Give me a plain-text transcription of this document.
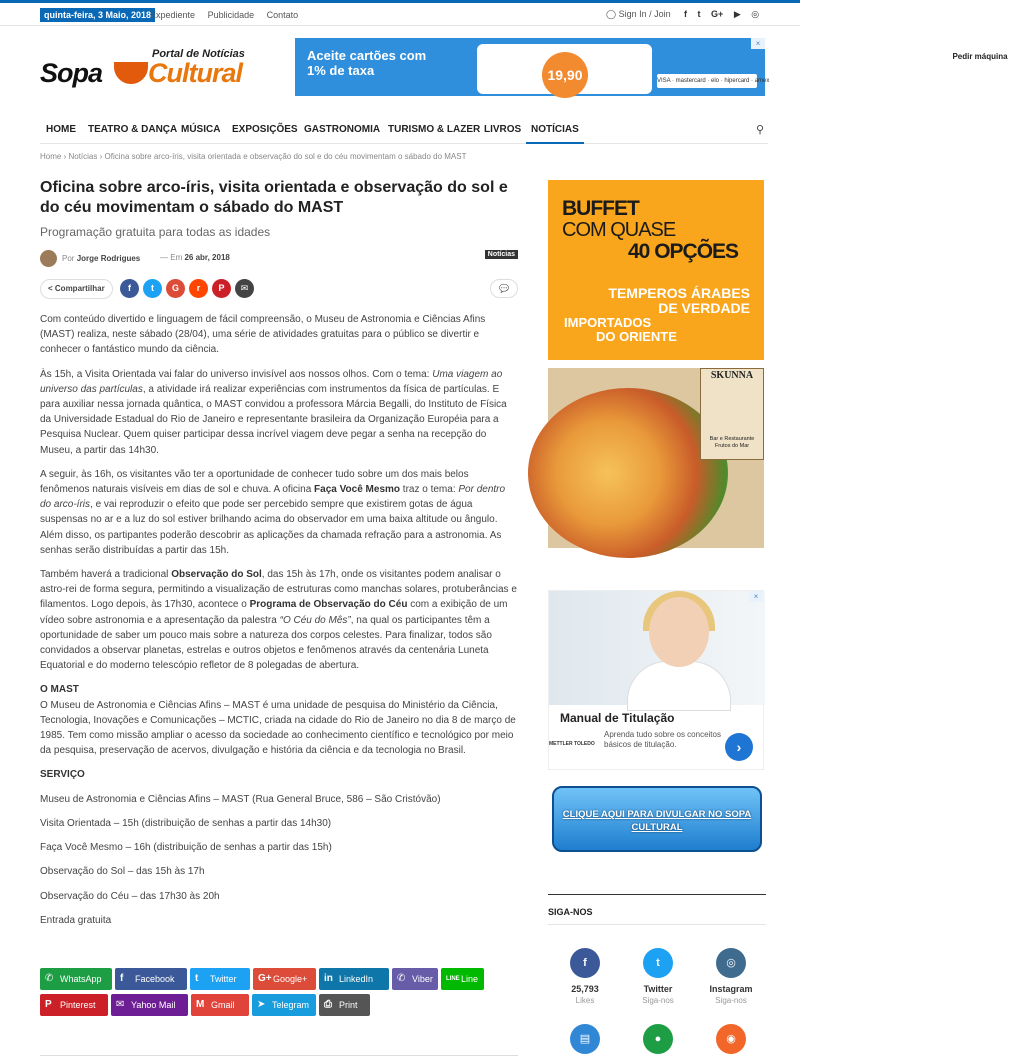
quinta-feira, 3 Maio, 2018
Expediente Publicidade Contato	◯ Sign In / Join f t G+ ▶ ◎
Portal de Notícias
Sopa Cultural
Aceite cartões com
1% de taxa	19,90
Pedir máquina
VISA · mastercard · elo · hipercard · amex
×
HOME TEATRO & DANÇA MÚSICA EXPOSIÇÕES GASTRONOMIA TURISMO & LAZER LIVROS NOTÍCIAS	⚲
Home › Notícias › Oficina sobre arco-íris, visita orientada e observação do sol e do céu movimentam o sábado do MAST
Oficina sobre arco-íris, visita orientada e observação do sol e do céu movimentam o sábado do MAST
Programação gratuita para todas as idades
Por Jorge Rodrigues — Em 26 abr, 2018	Notícias
< Compartilhar	f	t	G	r	P	✉	💬

Com conteúdo divertido e linguagem de fácil compreensão, o Museu de Astronomia e Ciências Afins (MAST) realiza, neste sábado (28/04), uma série de atividades gratuitas para o público se divertir e conhecer o fantástico mundo da ciência.

Às 15h, a Visita Orientada vai falar do universo invisível aos nossos olhos. Com o tema: Uma viagem ao universo das partículas, a atividade irá realizar experiências com instrumentos da física de partículas. E para auxiliar nessa jornada quântica, o MAST convidou a professora Márcia Begalli, do Instituto de Física da Universidade Estadual do Rio de Janeiro e representante brasileira da Organização Européia para a Pesquisa Nuclear. Quem quiser participar dessa incrível viagem deve pegar a senha na recepção do Museu, a partir das 14h30.

A seguir, às 16h, os visitantes vão ter a oportunidade de conhecer tudo sobre um dos mais belos fenômenos naturais visíveis em dias de sol e chuva. A oficina Faça Você Mesmo traz o tema: Por dentro do arco-íris, e vai reproduzir o efeito que pode ser percebido sempre que existirem gotas de água suspensas no ar e a luz do sol estiver brilhando acima do observador em uma baixa altitude ou ângulo. Além disso, os partipantes poderão descobrir as aplicações da chamada refração para a astronomia. As senhas serão distribuídas a partir das 15h.

Também haverá a tradicional Observação do Sol, das 15h às 17h, onde os visitantes podem analisar o astro-rei de forma segura, permitindo a visualização de estruturas como manchas solares, protuberâncias e filamentos. Logo depois, às 17h30, acontece o Programa de Observação do Céu com a exibição de um vídeo sobre astronomia e a apresentação da palestra “O Céu do Mês”, na qual os participantes têm a oportunidade de saber um pouco mais sobre a natureza dos corpos celestes. Para finalizar, todos são convidados a observar planetas, estrelas e outros objetos e fenômenos através da centenária Luneta Equatorial e do moderno telescópio refletor de 8 polegadas de abertura.

O MAST

O Museu de Astronomia e Ciências Afins – MAST é uma unidade de pesquisa do Ministério da Ciência, Tecnologia, Inovações e Comunicações – MCTIC, criada na cidade do Rio de Janeiro no dia 8 de março de 1985. Tem como missão ampliar o acesso da sociedade ao conhecimento científico e tecnológico por meio da pesquisa, preservação de acervos, divulgação e história da ciência e da tecnologia no Brasil.

SERVIÇO

Museu de Astronomia e Ciências Afins – MAST (Rua General Bruce, 586 – São Cristóvão)

Visita Orientada – 15h (distribuição de senhas a partir das 14h30)

Faça Você Mesmo – 16h (distribuição de senhas a partir das 15h)

Observação do Sol – das 15h às 17h

Observação do Céu – das 17h30 às 20h

Entrada gratuita

✆ WhatsApp	f Facebook	t Twitter	G+ Google+	in LinkedIn	✆ Viber	LINE Line
P Pinterest	✉ Yahoo Mail	M Gmail	➤ Telegram	⎙ Print
BUFFET
COM QUASE
40 OPÇÕES
TEMPEROS ÁRABES
DE VERDADE
IMPORTADOS
DO ORIENTE
SKUNNA
Bar e Restaurante
Frutos do Mar
Manual de Titulação
Aprenda tudo sobre os conceitos básicos de titulação.
METTLER TOLEDO	›
×
CLIQUE AQUI PARA DIVULGAR NO SOPA CULTURAL
SIGA-NOS
f
25,793
Likes
t
Twitter
Siga-nos
◎
Instagram
Siga-nos
▤	●	◉
